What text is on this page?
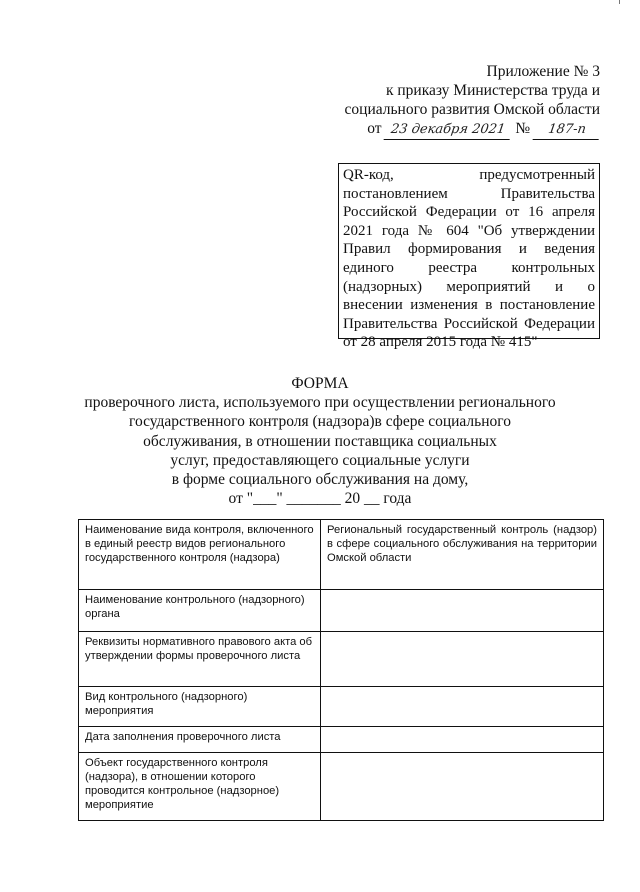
Приложение № 3
к приказу Министерства труда и
социального развития Омской области
от 23 декабря 2021 № 187-п
QR-код, предусмотренный постановлением Правительства Российской Федерации от 16 апреля 2021 года № 604 "Об утверждении Правил формирования и ведения единого реестра контрольных (надзорных) мероприятий и о внесении изменения в постановление Правительства Российской Федерации от 28 апреля 2015 года № 415"
ФОРМА
проверочного листа, используемого при осуществлении регионального
государственного контроля (надзора)в сфере социального
обслуживания, в отношении поставщика социальных
услуг, предоставляющего социальные услуги
в форме социального обслуживания на дому,
от "___" _______ 20 __ года
Наименование вида контроля, включенного в единый реестр видов регионального государственного контроля (надзора)	Региональный государственный контроль (надзор) в сфере социального обслуживания на территории Омской области
Наименование контрольного (надзорного) органа	
Реквизиты нормативного правового акта об утверждении формы проверочного листа	
Вид контрольного (надзорного) мероприятия	
Дата заполнения проверочного листа	
Объект государственного контроля (надзора), в отношении которого проводится контрольное (надзорное) мероприятие	
